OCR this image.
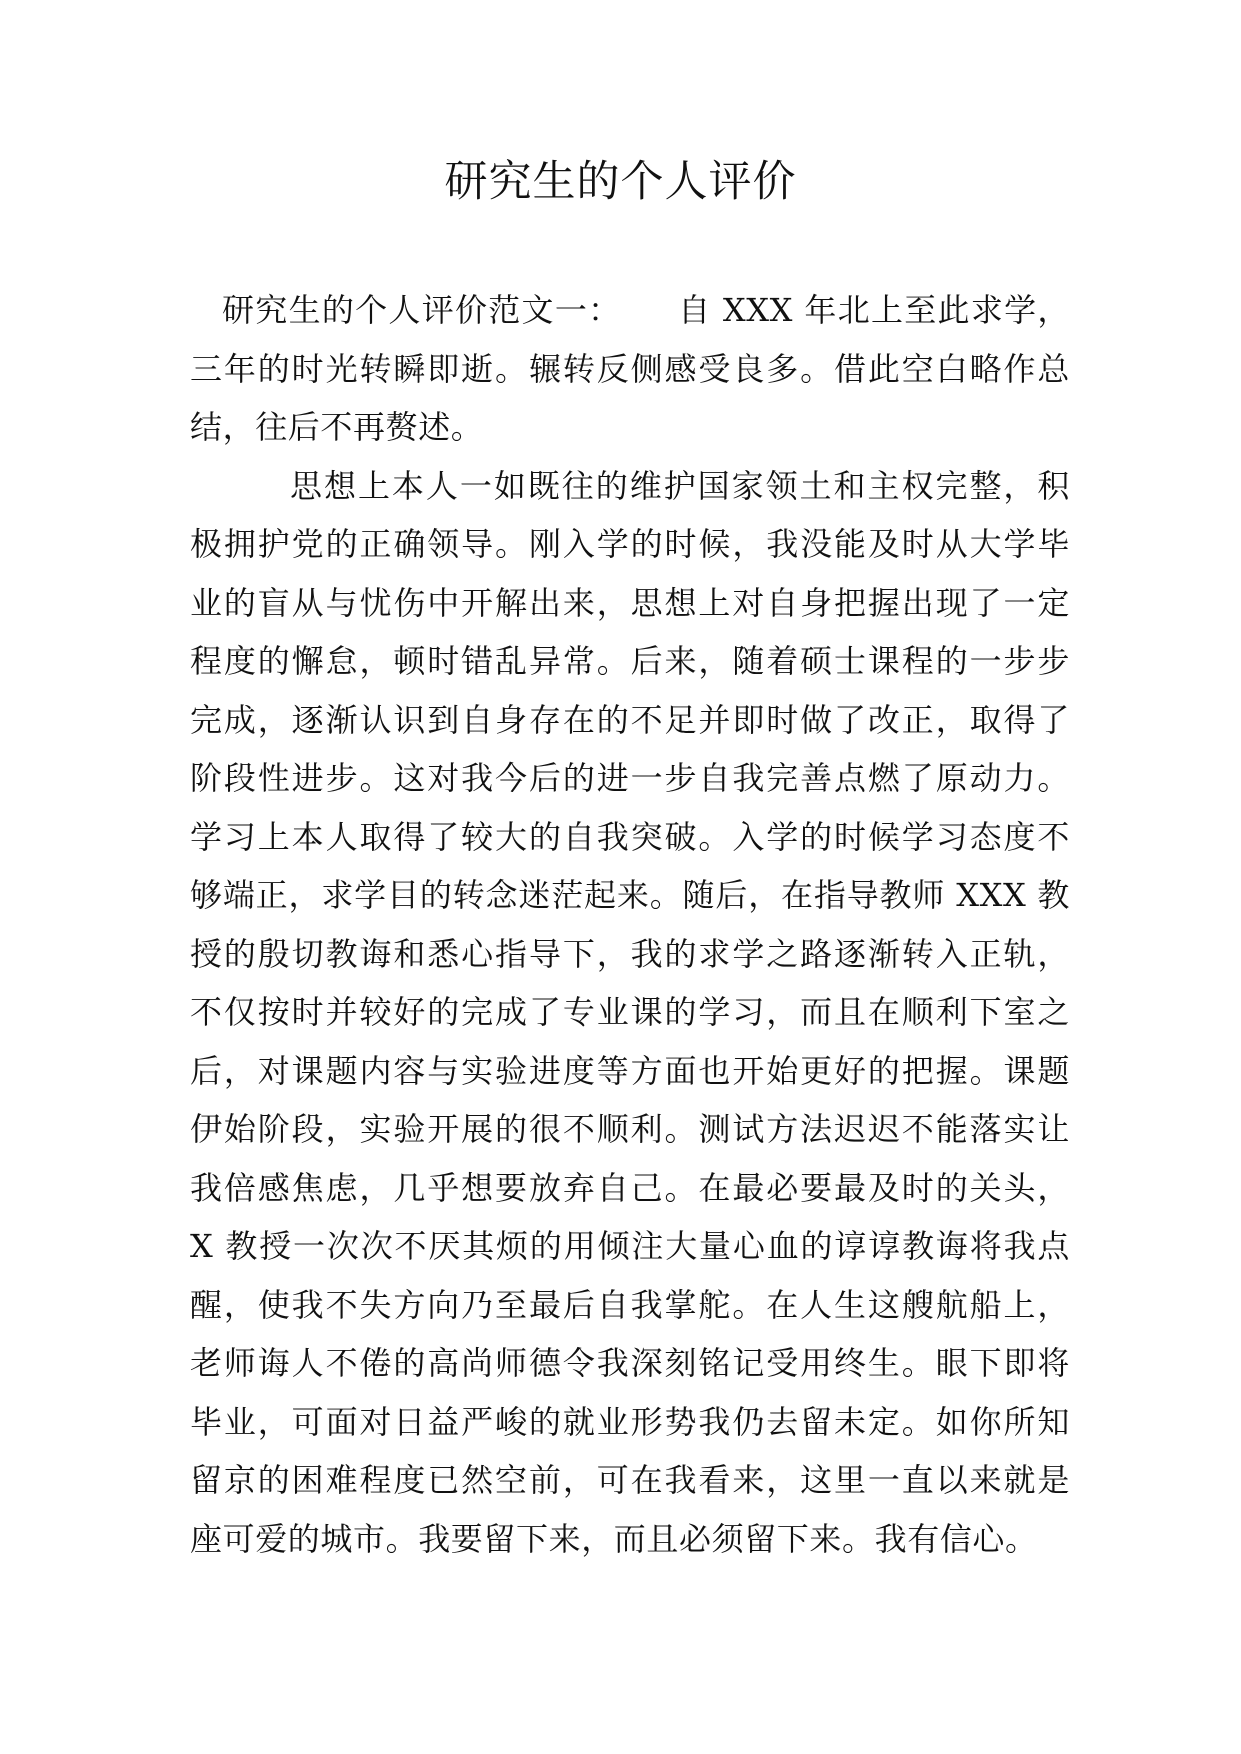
研究生的个人评价
研究生的个人评价范文一： 自 XXX 年北上至此求学，
三年的时光转瞬即逝。辗转反侧感受良多。借此空白略作总
结，往后不再赘述。
思想上本人一如既往的维护国家领土和主权完整，积
极拥护党的正确领导。刚入学的时候，我没能及时从大学毕
业的盲从与忧伤中开解出来，思想上对自身把握出现了一定
程度的懈怠，顿时错乱异常。后来，随着硕士课程的一步步
完成，逐渐认识到自身存在的不足并即时做了改正，取得了
阶段性进步。这对我今后的进一步自我完善点燃了原动力。
学习上本人取得了较大的自我突破。入学的时候学习态度不
够端正，求学目的转念迷茫起来。随后，在指导教师 XXX 教
授的殷切教诲和悉心指导下，我的求学之路逐渐转入正轨，
不仅按时并较好的完成了专业课的学习，而且在顺利下室之
后，对课题内容与实验进度等方面也开始更好的把握。课题
伊始阶段，实验开展的很不顺利。测试方法迟迟不能落实让
我倍感焦虑，几乎想要放弃自己。在最必要最及时的关头，
X 教授一次次不厌其烦的用倾注大量心血的谆谆教诲将我点
醒，使我不失方向乃至最后自我掌舵。在人生这艘航船上，
老师诲人不倦的高尚师德令我深刻铭记受用终生。眼下即将
毕业，可面对日益严峻的就业形势我仍去留未定。如你所知
留京的困难程度已然空前，可在我看来，这里一直以来就是
座可爱的城市。我要留下来，而且必须留下来。我有信心。
